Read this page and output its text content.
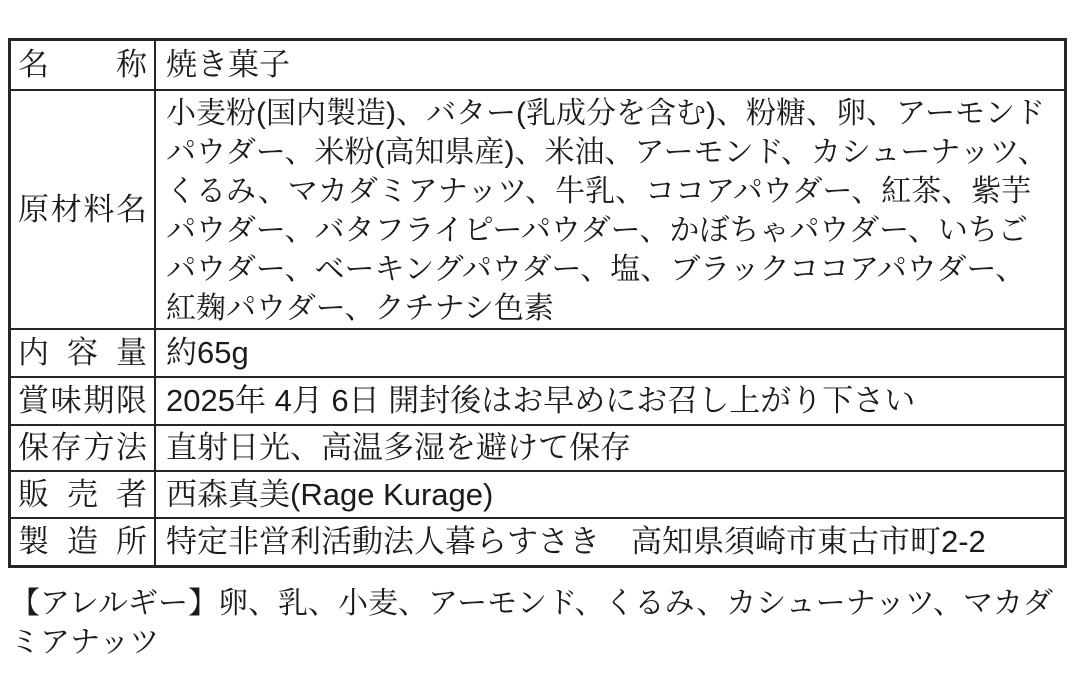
名称 焼き菓子
原材料名
小麦粉(国内製造)、バター(乳成分を含む)、粉糖、卵、アーモンドパウダー、米粉(高知県産)、米油、アーモンド、カシューナッツ、くるみ、マカダミアナッツ、牛乳、ココアパウダー、紅茶、紫芋パウダー、バタフライピーパウダー、かぼちゃパウダー、いちごパウダー、ベーキングパウダー、塩、ブラックココアパウダー、紅麹パウダー、クチナシ色素
内容量 約65g
賞味期限 2025年 4月 6日 開封後はお早めにお召し上がり下さい
保存方法 直射日光、高温多湿を避けて保存
販売者 西森真美(Rage Kurage)
製造所 特定非営利活動法人暮らすさき　高知県須崎市東古市町2-2
【アレルギー】卵、乳、小麦、アーモンド、くるみ、カシューナッツ、マカダミアナッツ
